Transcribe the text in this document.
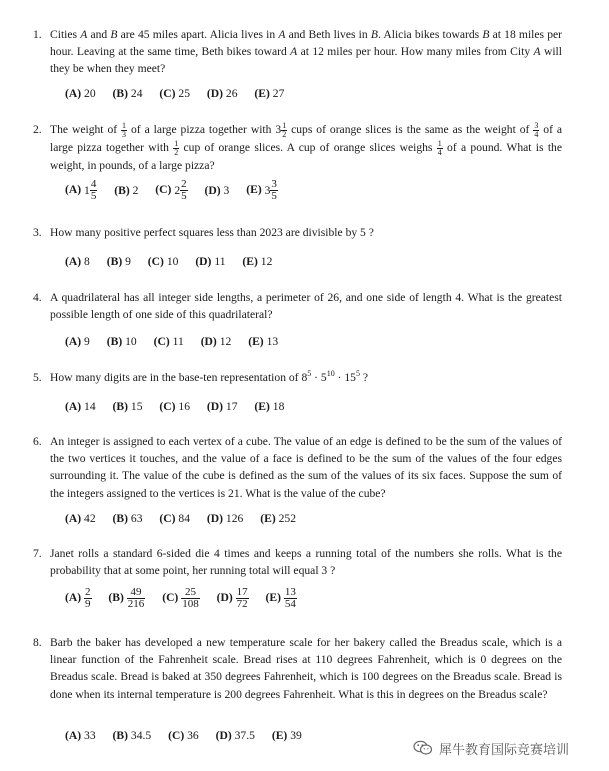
1. Cities A and B are 45 miles apart. Alicia lives in A and Beth lives in B. Alicia bikes towards B at 18 miles per hour. Leaving at the same time, Beth bikes toward A at 12 miles per hour. How many miles from City A will they be when they meet?
(A) 20 (B) 24 (C) 25 (D) 26 (E) 27
2. The weight of $\frac{1}{3}$ of a large pizza together with $3 \frac{1}{2}$ cups of orange slices is the same as the weight of $\frac{3}{4}$ of a large pizza together with $\frac{1}{2}$ cup of orange slices. A cup of orange slices weighs $\frac{1}{4}$ of a pound. What is the weight, in pounds, of a large pizza?
(A) $1 \frac{4}{5} (B)$ 2 (C) $2 \frac{2}{5} (D)$ 3 (E) $3 \frac{3}{5}$
3. How many positive perfect squares less than 2023 are divisible by 5 ?
(A) 8 (B) 9 (C) 10 (D) 11 (E) 12
4. A quadrilateral has all integer side lengths, a perimeter of 26, and one side of length 4. What is the greatest possible length of one side of this quadrilateral?
(A) 9 (B) 10 (C) 11 (D) 12 (E) 13
5. How many digits are in the base-ten representation of $8^5 \cdot 5^{10} \cdot 15^5$ ?
(A) 14 (B) 15 (C) 16 (D) 17 (E) 18
6. An integer is assigned to each vertex of a cube. The value of an edge is defined to be the sum of the values of the two vertices it touches, and the value of a face is defined to be the sum of the values of the four edges surrounding it. The value of the cube is defined as the sum of the values of its six faces. Suppose the sum of the integers assigned to the vertices is 21. What is the value of the cube?
(A) 42 (B) 63 (C) 84 (D) 126 (E) 252
7. Janet rolls a standard 6-sided die 4 times and keeps a running total of the numbers she rolls. What is the probability that at some point, her running total will equal 3 ?
$(A) \frac{2}{9} (B) \frac{49}{216} (C) \frac{25}{108} (D) \frac{17}{72} (E) \frac{13}{54}$
8. Barb the baker has developed a new temperature scale for her bakery called the Breadus scale, which is a linear function of the Fahrenheit scale. Bread rises at 110 degrees Fahrenheit, which is 0 degrees on the Breadus scale. Bread is baked at 350 degrees Fahrenheit, which is 100 degrees on the Breadus scale. Bread is done when its internal temperature is 200 degrees Fahrenheit. What is this in degrees on the Breadus scale?
(A) 33 (B) 34.5 (C) 36 (D) 37.5 (E) 39
犀牛教育国际竞赛培训
